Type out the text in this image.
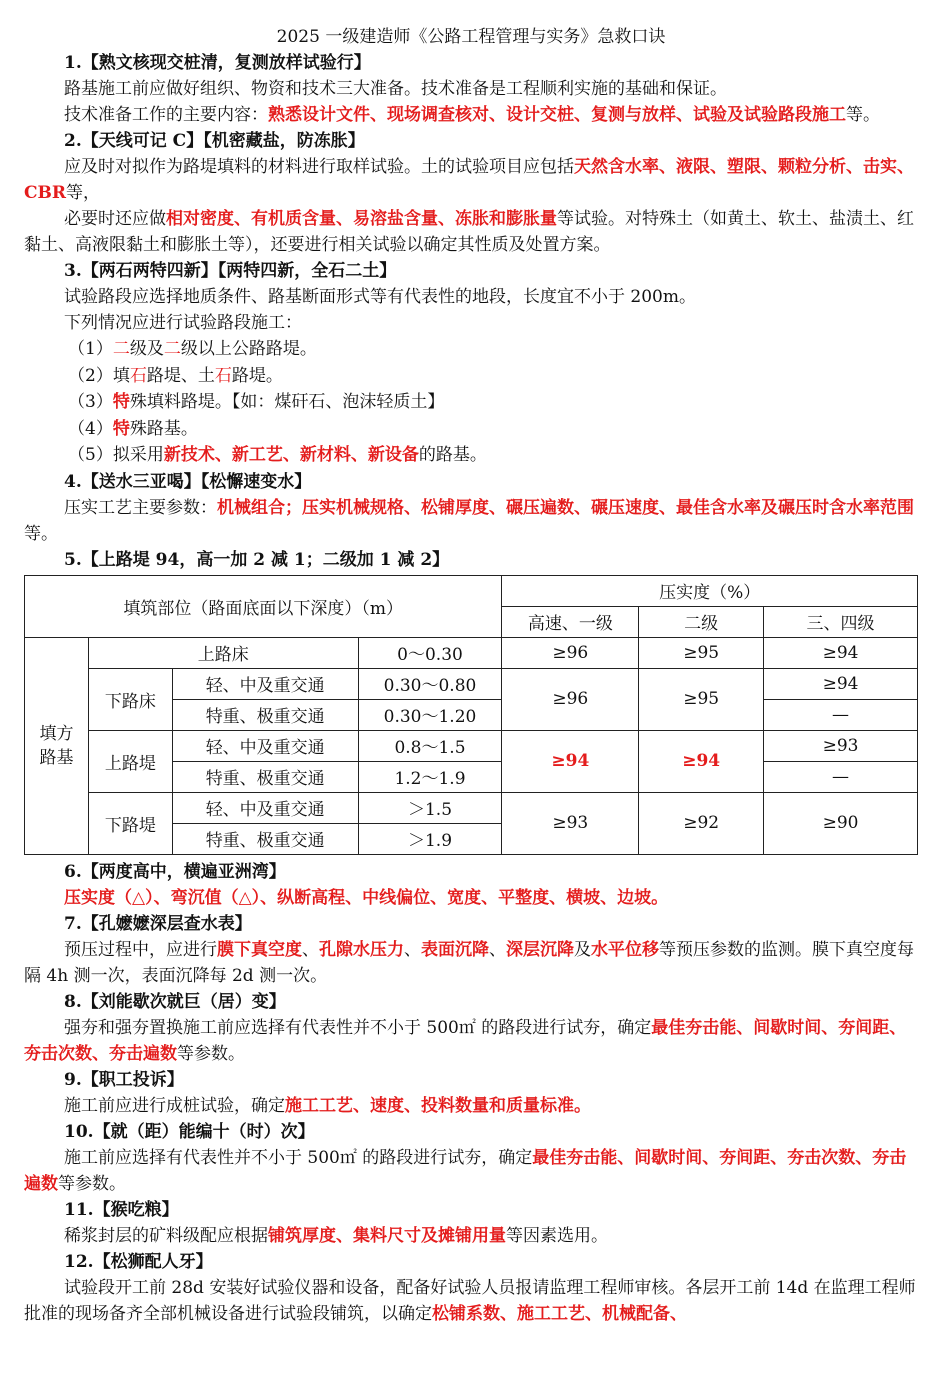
2025 一级建造师《公路工程管理与实务》急救口诀
1.【熟文核现交桩清，复测放样试验行】
路基施工前应做好组织、物资和技术三大准备。技术准备是工程顺利实施的基础和保证。
技术准备工作的主要内容：熟悉设计文件、现场调查核对、设计交桩、复测与放样、试验及试验路段施工等。
2.【天线可记 C】【机密藏盐，防冻胀】
应及时对拟作为路堤填料的材料进行取样试验。土的试验项目应包括天然含水率、液限、塑限、颗粒分析、击实、CBR等，
必要时还应做相对密度、有机质含量、易溶盐含量、冻胀和膨胀量等试验。对特殊土（如黄土、软土、盐渍土、红黏土、高液限黏土和膨胀土等），还要进行相关试验以确定其性质及处置方案。
3.【两石两特四新】【两特四新，全石二土】
试验路段应选择地质条件、路基断面形式等有代表性的地段，长度宜不小于 200m。
下列情况应进行试验路段施工：
（1）二级及二级以上公路路堤。
（2）填石路堤、土石路堤。
（3）特殊填料路堤。【如：煤矸石、泡沫轻质土】
（4）特殊路基。
（5）拟采用新技术、新工艺、新材料、新设备的路基。
4.【送水三亚喝】【松懈速变水】
压实工艺主要参数：机械组合；压实机械规格、松铺厚度、碾压遍数、碾压速度、最佳含水率及碾压时含水率范围等。
5.【上路堤 94，高一加 2 减 1；二级加 1 减 2】
填筑部位（路面底面以下深度）（m）				压实度（%）		
				高速、一级	二级	三、四级
填方
路基	上路床		0～0.30	≥96	≥95	≥94
	下路床	轻、中及重交通	0.30～0.80	≥96	≥95	≥94
		特重、极重交通	0.30～1.20			—
	上路堤	轻、中及重交通	0.8～1.5	≥94	≥94	≥93
		特重、极重交通	1.2～1.9			—
	下路堤	轻、中及重交通	＞1.5	≥93	≥92	≥90
		特重、极重交通	＞1.9			
6.【两度高中，横遍亚洲湾】
压实度（△）、弯沉值（△）、纵断高程、中线偏位、宽度、平整度、横坡、边坡。
7.【孔嬷嬷深层查水表】
预压过程中，应进行膜下真空度、孔隙水压力、表面沉降、深层沉降及水平位移等预压参数的监测。膜下真空度每隔 4h 测一次，表面沉降每 2d 测一次。
8.【刘能歇次就巨（居）变】
强夯和强夯置换施工前应选择有代表性并不小于 500㎡ 的路段进行试夯，确定最佳夯击能、间歇时间、夯间距、夯击次数、夯击遍数等参数。
9.【职工投诉】
施工前应进行成桩试验，确定施工工艺、速度、投料数量和质量标准。
10.【就（距）能编十（时）次】
施工前应选择有代表性并不小于 500㎡ 的路段进行试夯，确定最佳夯击能、间歇时间、夯间距、夯击次数、夯击遍数等参数。
11.【猴吃粮】
稀浆封层的矿料级配应根据铺筑厚度、集料尺寸及摊铺用量等因素选用。
12.【松狮配人牙】
试验段开工前 28d 安装好试验仪器和设备，配备好试验人员报请监理工程师审核。各层开工前 14d 在监理工程师批准的现场备齐全部机械设备进行试验段铺筑，以确定松铺系数、施工工艺、机械配备、
